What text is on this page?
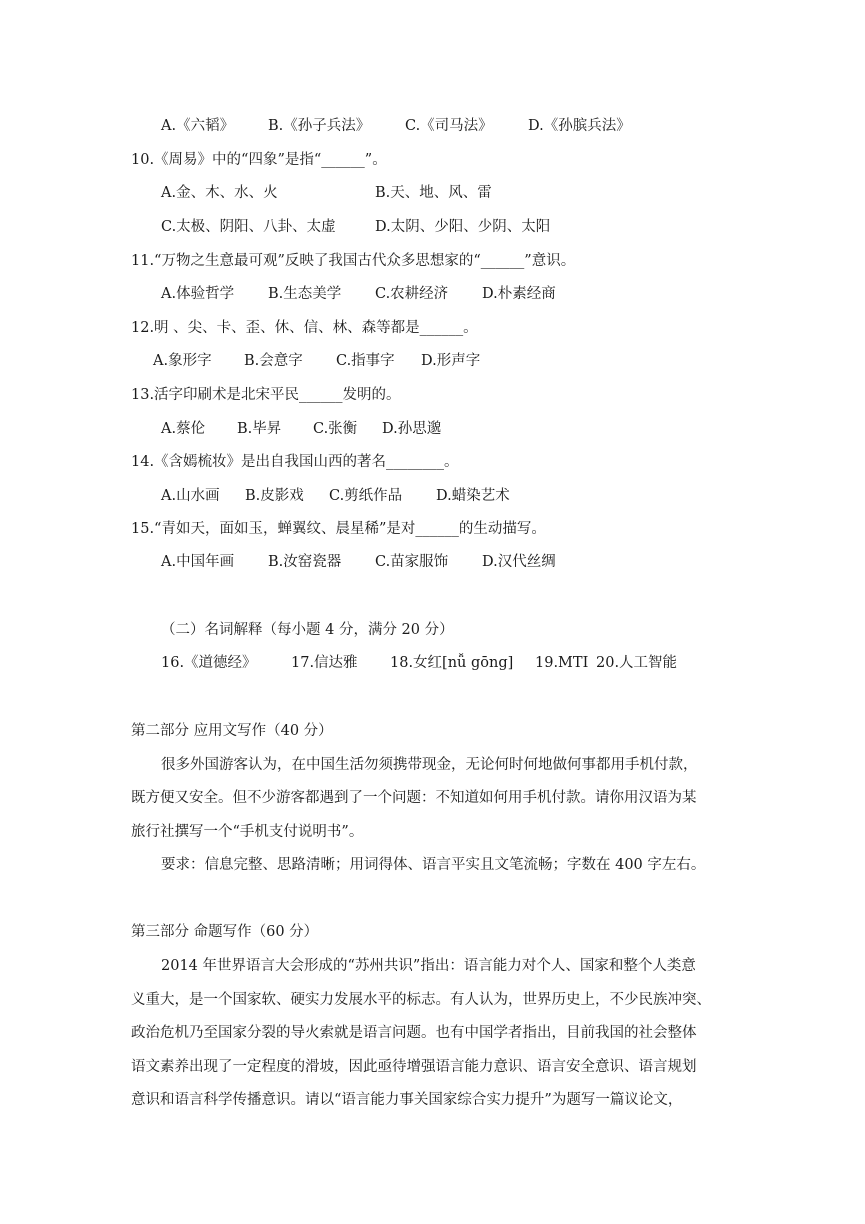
A.《六韬》 B.《孙子兵法》 C.《司马法》 D.《孙膑兵法》
10.《周易》中的“四象”是指“______”。
A.金、木、水、火	B.天、地、风、雷
C.太极、阴阳、八卦、太虚	D.太阴、少阳、少阴、太阳
11.“万物之生意最可观”反映了我国古代众多思想家的“______”意识。
A.体验哲学 B.生态美学 C.农耕经济 D.朴素经商
12.明 、尖、卡、歪、休、信、林、森等都是______。
A.象形字 B.会意字 C.指事字 D.形声字
13.活字印刷术是北宋平民______发明的。
A.蔡伦 B.毕昇 C.张衡 D.孙思邈
14.《含嫣梳妆》是出自我国山西的著名________。
A.山水画 B.皮影戏 C.剪纸作品 D.蜡染艺术
15.“青如天，面如玉，蝉翼纹、晨星稀”是对______的生动描写。
A.中国年画 B.汝窑瓷器 C.苗家服饰 D.汉代丝绸
（二）名词解释（每小题 4 分，满分 20 分）
16.《道德经》 17.信达雅 18.女红[nǚ gōng] 19.MTI 20.人工智能
第二部分 应用文写作（40 分）
很多外国游客认为，在中国生活勿须携带现金，无论何时何地做何事都用手机付款，
既方便又安全。但不少游客都遇到了一个问题：不知道如何用手机付款。请你用汉语为某
旅行社撰写一个“手机支付说明书”。
要求：信息完整、思路清晰；用词得体、语言平实且文笔流畅；字数在 400 字左右。
第三部分 命题写作（60 分）
2014 年世界语言大会形成的“苏州共识”指出：语言能力对个人、国家和整个人类意
义重大，是一个国家软、硬实力发展水平的标志。有人认为，世界历史上，不少民族冲突、
政治危机乃至国家分裂的导火索就是语言问题。也有中国学者指出，目前我国的社会整体
语文素养出现了一定程度的滑坡，因此亟待增强语言能力意识、语言安全意识、语言规划
意识和语言科学传播意识。请以“语言能力事关国家综合实力提升”为题写一篇议论文，
